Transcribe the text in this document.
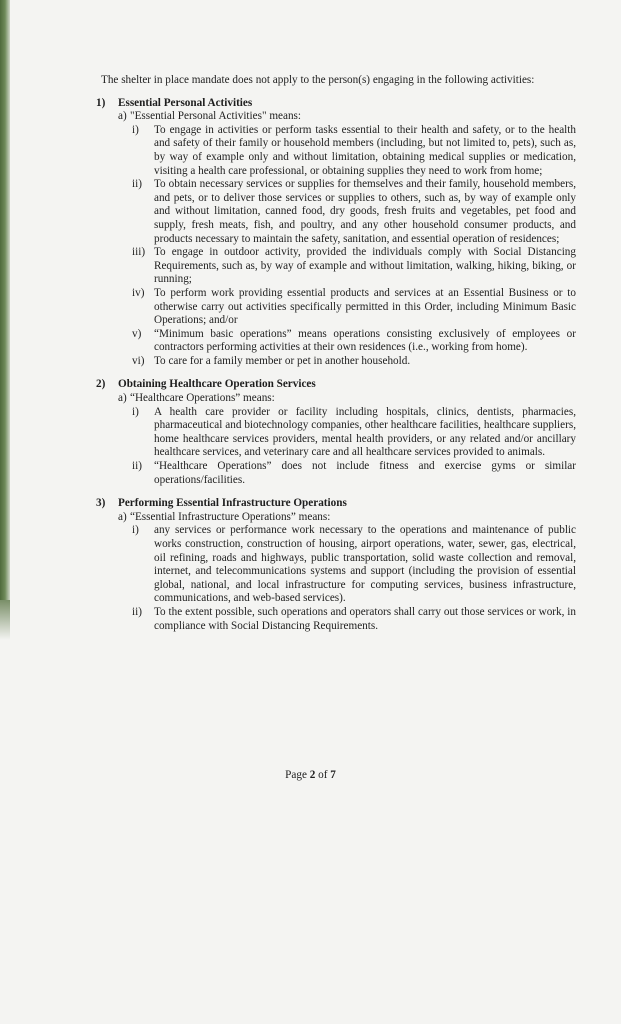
The shelter in place mandate does not apply to the person(s) engaging in the following activities:

1) Essential Personal Activities

a) "Essential Personal Activities" means:
i)	To engage in activities or perform tasks essential to their health and safety, or to the health and safety of their family or household members (including, but not limited to, pets), such as, by way of example only and without limitation, obtaining medical supplies or medication, visiting a health care professional, or obtaining supplies they need to work from home;
ii)	To obtain necessary services or supplies for themselves and their family, household members, and pets, or to deliver those services or supplies to others, such as, by way of example only and without limitation, canned food, dry goods, fresh fruits and vegetables, pet food and supply, fresh meats, fish, and poultry, and any other household consumer products, and products necessary to maintain the safety, sanitation, and essential operation of residences;
iii) To engage in outdoor activity, provided the individuals comply with Social Distancing Requirements, such as, by way of example and without limitation, walking, hiking, biking, or running;
iv) To perform work providing essential products and services at an Essential Business or to otherwise carry out activities specifically permitted in this Order, including Minimum Basic Operations; and/or
v)	“Minimum basic operations” means operations consisting exclusively of employees or contractors performing activities at their own residences (i.e., working from home).
vi) To care for a family member or pet in another household.

2) Obtaining Healthcare Operation Services

a) “Healthcare Operations” means:
i)	A health care provider or facility including hospitals, clinics, dentists, pharmacies, pharmaceutical and biotechnology companies, other healthcare facilities, healthcare suppliers, home healthcare services providers, mental health providers, or any related and/or ancillary healthcare services, and veterinary care and all healthcare services provided to animals.
ii)	“Healthcare Operations” does not include fitness and exercise gyms or similar operations/facilities.

3) Performing Essential Infrastructure Operations

a) “Essential Infrastructure Operations” means:
i)	any services or performance work necessary to the operations and maintenance of public works construction, construction of housing, airport operations, water, sewer, gas, electrical, oil refining, roads and highways, public transportation, solid waste collection and removal, internet, and telecommunications systems and support (including the provision of essential global, national, and local infrastructure for computing services, business infrastructure, communications, and web-based services).
ii)	To the extent possible, such operations and operators shall carry out those services or work, in compliance with Social Distancing Requirements.
Page 2 of 7
